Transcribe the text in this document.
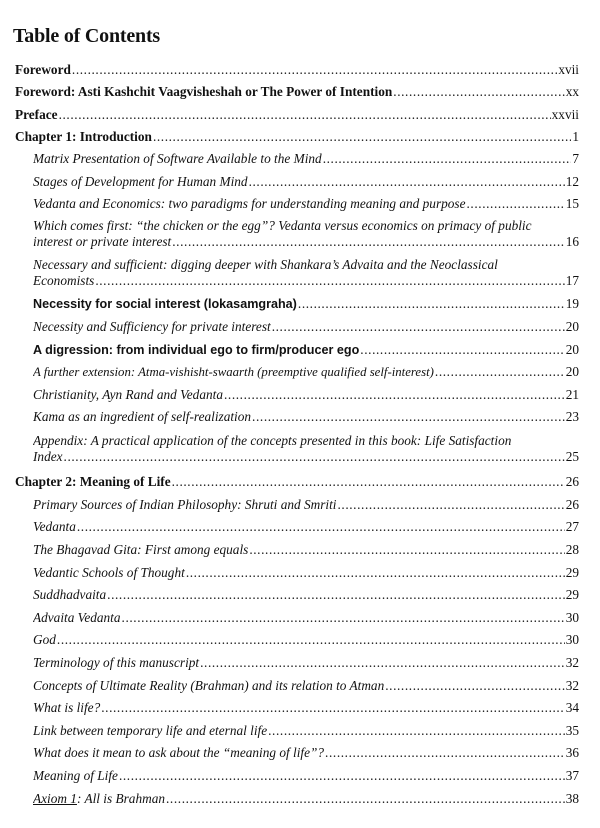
Table of Contents
Foreword .....	xvii
Foreword: Asti Kashchit Vaagvisheshah or The Power of Intention .....	xx
Preface .....	xxvii
Chapter 1: Introduction .....	1
Matrix Presentation of Software Available to the Mind .....	7
Stages of Development for Human Mind .....	12
Vedanta and Economics: two paradigms for understanding meaning and purpose .....	15
Which comes first: “the chicken or the egg”? Vedanta versus economics on primacy of public
interest or private interest .....	16
Necessary and sufficient: digging deeper with Shankara’s Advaita and the Neoclassical
Economists .....	17
Necessity for social interest (lokasamgraha) .....	19
Necessity and Sufficiency for private interest .....	20
A digression: from individual ego to firm/producer ego .....	20
A further extension: Atma-vishisht-swaarth (preemptive qualified self-interest) .....	20
Christianity, Ayn Rand and Vedanta .....	21
Kama as an ingredient of self-realization .....	23
Appendix: A practical application of the concepts presented in this book: Life Satisfaction
Index .....	25
Chapter 2: Meaning of Life .....	26
Primary Sources of Indian Philosophy: Shruti and Smriti .....	26
Vedanta .....	27
The Bhagavad Gita: First among equals .....	28
Vedantic Schools of Thought .....	29
Suddhadvaita .....	29
Advaita Vedanta .....	30
God .....	30
Terminology of this manuscript .....	32
Concepts of Ultimate Reality (Brahman) and its relation to Atman .....	32
What is life? .....	34
Link between temporary life and eternal life .....	35
What does it mean to ask about the “meaning of life”? .....	36
Meaning of Life .....	37
Axiom 1: All is Brahman .....	38
